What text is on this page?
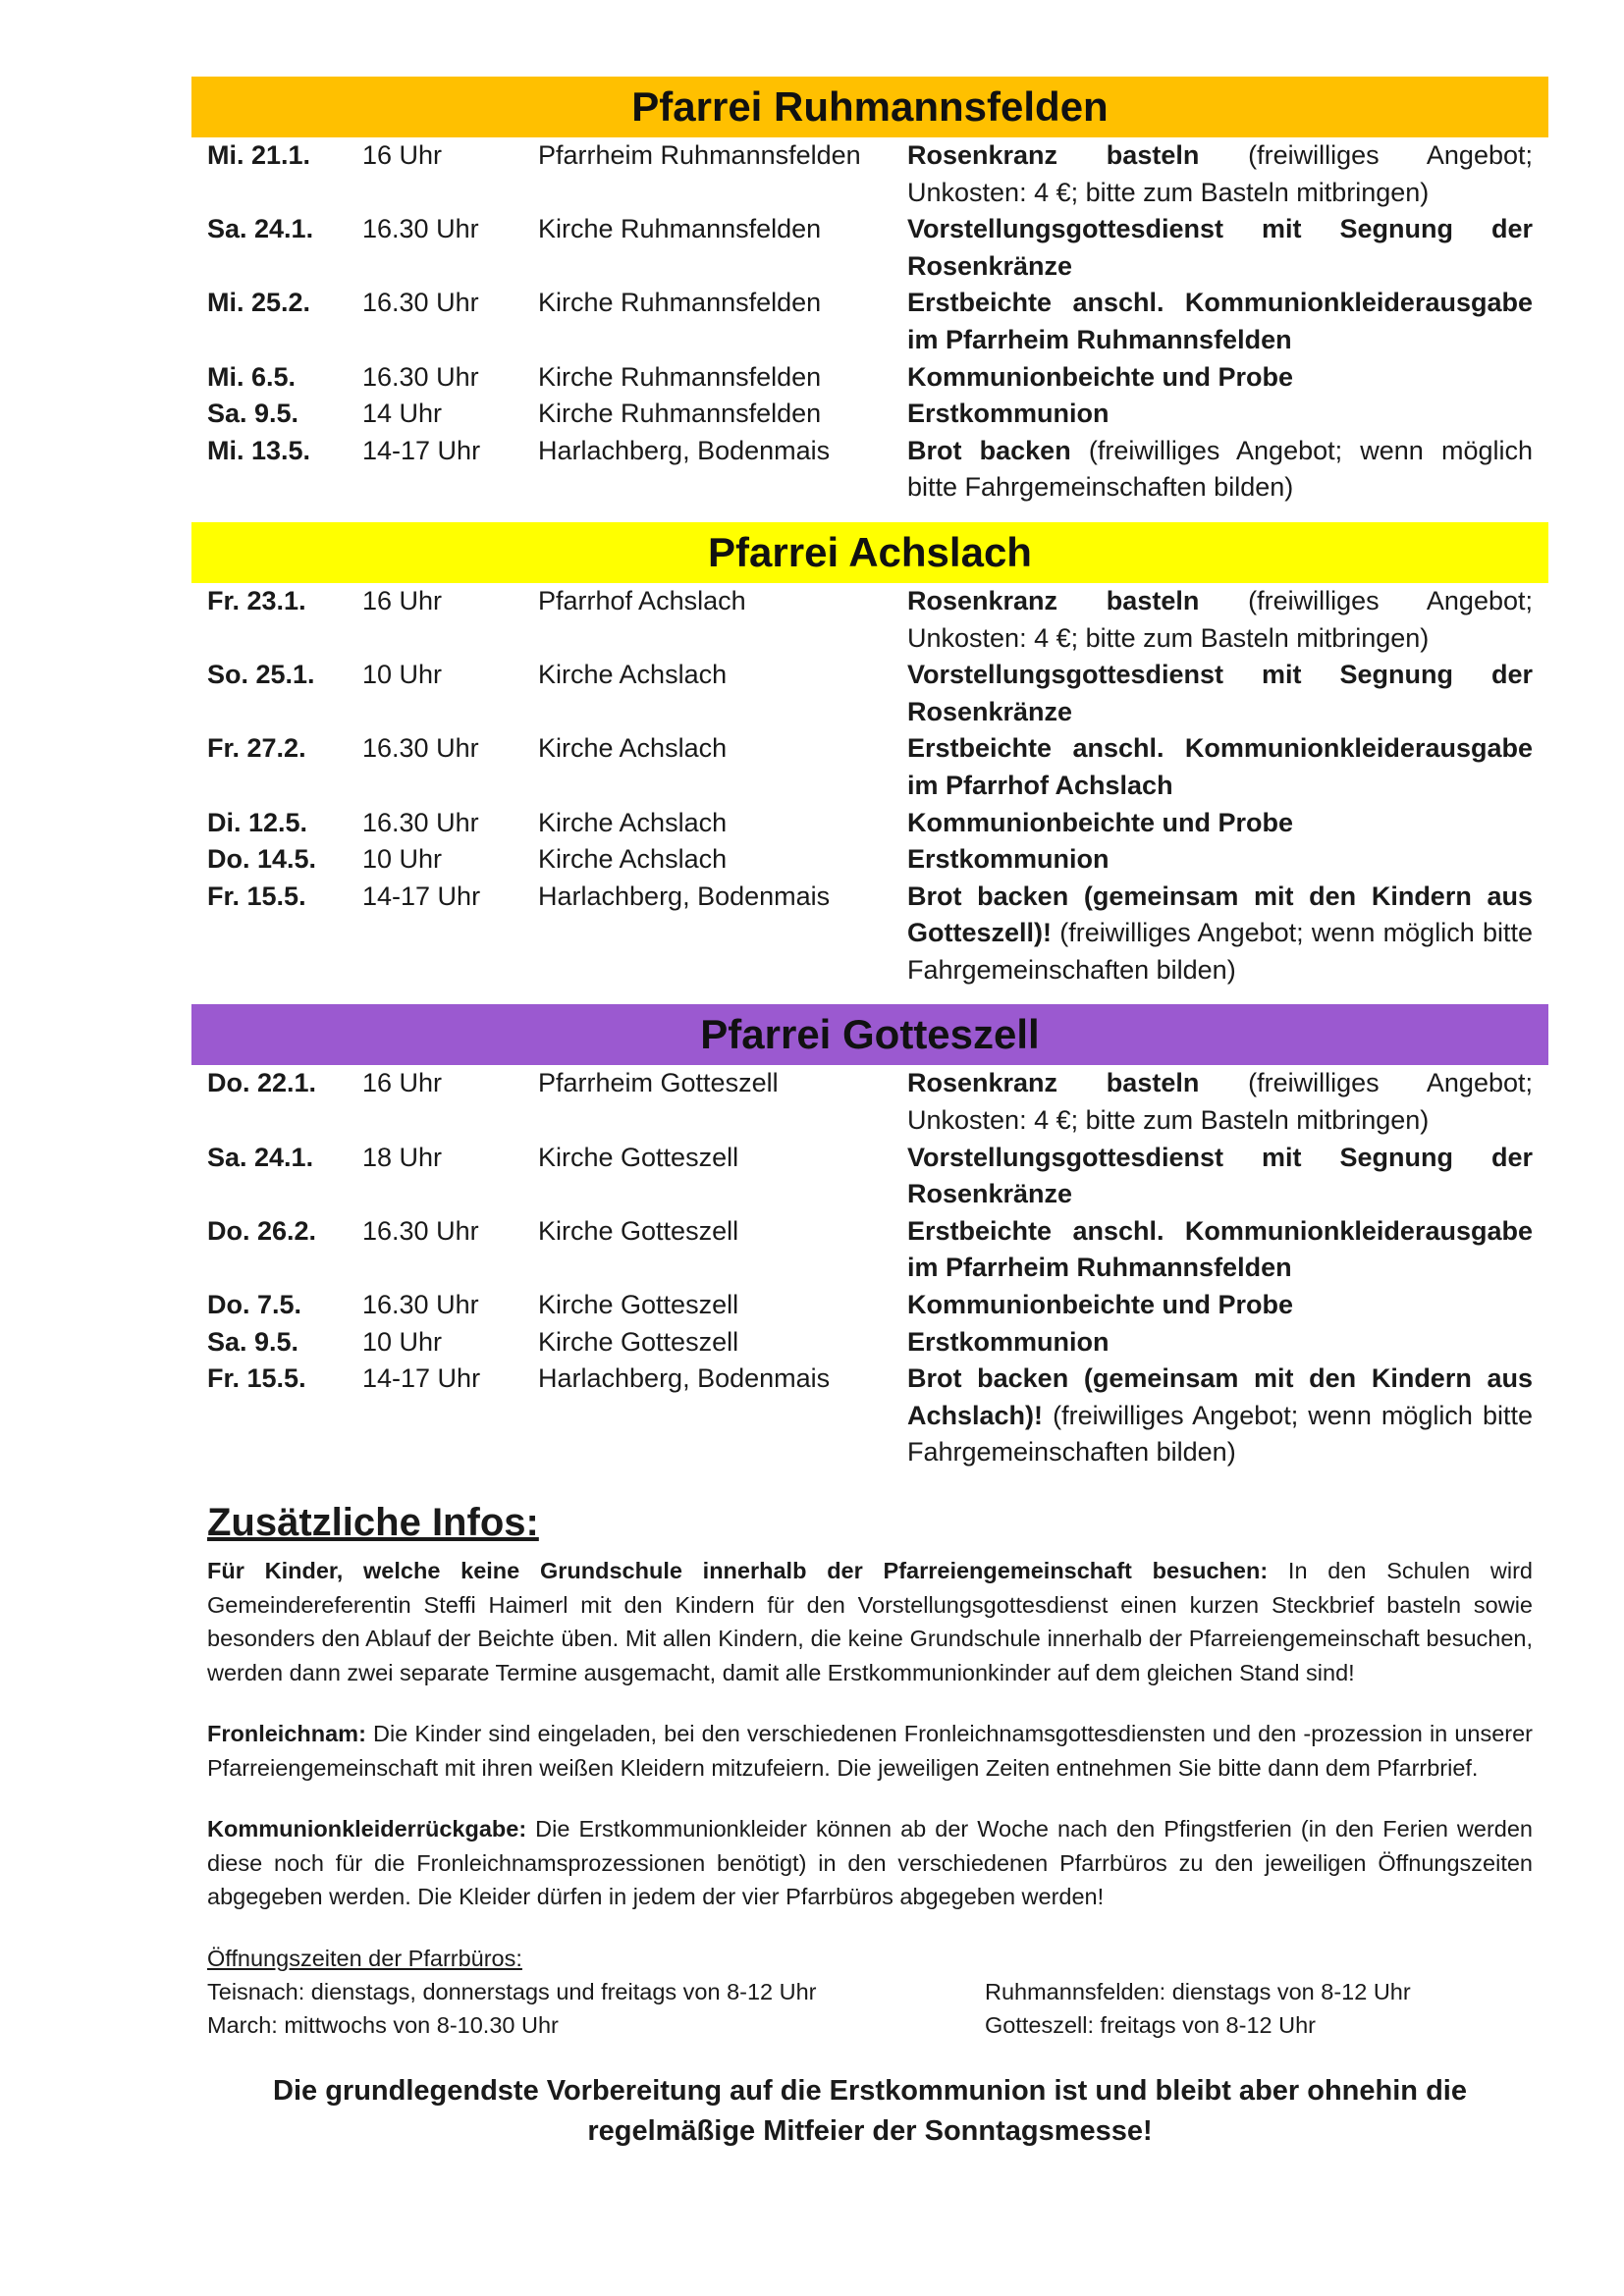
Pfarrei Ruhmannsfelden
Mi. 21.1.	16 Uhr	Pfarrheim Ruhmannsfelden	Rosenkranz basteln (freiwilliges Angebot; Unkosten: 4 €; bitte zum Basteln mitbringen)
Sa. 24.1.	16.30 Uhr	Kirche Ruhmannsfelden	Vorstellungsgottesdienst mit Segnung der Rosenkränze
Mi. 25.2.	16.30 Uhr	Kirche Ruhmannsfelden	Erstbeichte anschl. Kommunionkleiderausgabe im Pfarrheim Ruhmannsfelden
Mi. 6.5.	16.30 Uhr	Kirche Ruhmannsfelden	Kommunionbeichte und Probe
Sa. 9.5.	14 Uhr	Kirche Ruhmannsfelden	Erstkommunion
Mi. 13.5.	14-17 Uhr	Harlachberg, Bodenmais	Brot backen (freiwilliges Angebot; wenn möglich bitte Fahrgemeinschaften bilden)
Pfarrei Achslach
Fr. 23.1.	16 Uhr	Pfarrhof Achslach	Rosenkranz basteln (freiwilliges Angebot; Unkosten: 4 €; bitte zum Basteln mitbringen)
So. 25.1.	10 Uhr	Kirche Achslach	Vorstellungsgottesdienst mit Segnung der Rosenkränze
Fr. 27.2.	16.30 Uhr	Kirche Achslach	Erstbeichte anschl. Kommunionkleiderausgabe im Pfarrhof Achslach
Di. 12.5.	16.30 Uhr	Kirche Achslach	Kommunionbeichte und Probe
Do. 14.5.	10 Uhr	Kirche Achslach	Erstkommunion
Fr. 15.5.	14-17 Uhr	Harlachberg, Bodenmais	Brot backen (gemeinsam mit den Kindern aus Gotteszell)! (freiwilliges Angebot; wenn möglich bitte Fahrgemeinschaften bilden)
Pfarrei Gotteszell
Do. 22.1.	16 Uhr	Pfarrheim Gotteszell	Rosenkranz basteln (freiwilliges Angebot; Unkosten: 4 €; bitte zum Basteln mitbringen)
Sa. 24.1.	18 Uhr	Kirche Gotteszell	Vorstellungsgottesdienst mit Segnung der Rosenkränze
Do. 26.2.	16.30 Uhr	Kirche Gotteszell	Erstbeichte anschl. Kommunionkleiderausgabe im Pfarrheim Ruhmannsfelden
Do. 7.5.	16.30 Uhr	Kirche Gotteszell	Kommunionbeichte und Probe
Sa. 9.5.	10 Uhr	Kirche Gotteszell	Erstkommunion
Fr. 15.5.	14-17 Uhr	Harlachberg, Bodenmais	Brot backen (gemeinsam mit den Kindern aus Achslach)! (freiwilliges Angebot; wenn möglich bitte Fahrgemeinschaften bilden)
Zusätzliche Infos:

Für Kinder, welche keine Grundschule innerhalb der Pfarreiengemeinschaft besuchen: In den Schulen wird Gemeindereferentin Steffi Haimerl mit den Kindern für den Vorstellungsgottesdienst einen kurzen Steckbrief basteln sowie besonders den Ablauf der Beichte üben. Mit allen Kindern, die keine Grundschule innerhalb der Pfarreiengemeinschaft besuchen, werden dann zwei separate Termine ausgemacht, damit alle Erstkommunionkinder auf dem gleichen Stand sind!

Fronleichnam: Die Kinder sind eingeladen, bei den verschiedenen Fronleichnamsgottesdiensten und den -prozession in unserer Pfarreiengemeinschaft mit ihren weißen Kleidern mitzufeiern. Die jeweiligen Zeiten entnehmen Sie bitte dann dem Pfarrbrief.

Kommunionkleiderrückgabe: Die Erstkommunionkleider können ab der Woche nach den Pfingstferien (in den Ferien werden diese noch für die Fronleichnamsprozessionen benötigt) in den verschiedenen Pfarrbüros zu den jeweiligen Öffnungszeiten abgegeben werden. Die Kleider dürfen in jedem der vier Pfarrbüros abgegeben werden!

Öffnungszeiten der Pfarrbüros:
Teisnach: dienstags, donnerstags und freitags von 8-12 Uhr
March: mittwochs von 8-10.30 Uhr
Ruhmannsfelden: dienstags von 8-12 Uhr
Gotteszell: freitags von 8-12 Uhr
Die grundlegendste Vorbereitung auf die Erstkommunion ist und bleibt aber ohnehin die
regelmäßige Mitfeier der Sonntagsmesse!
